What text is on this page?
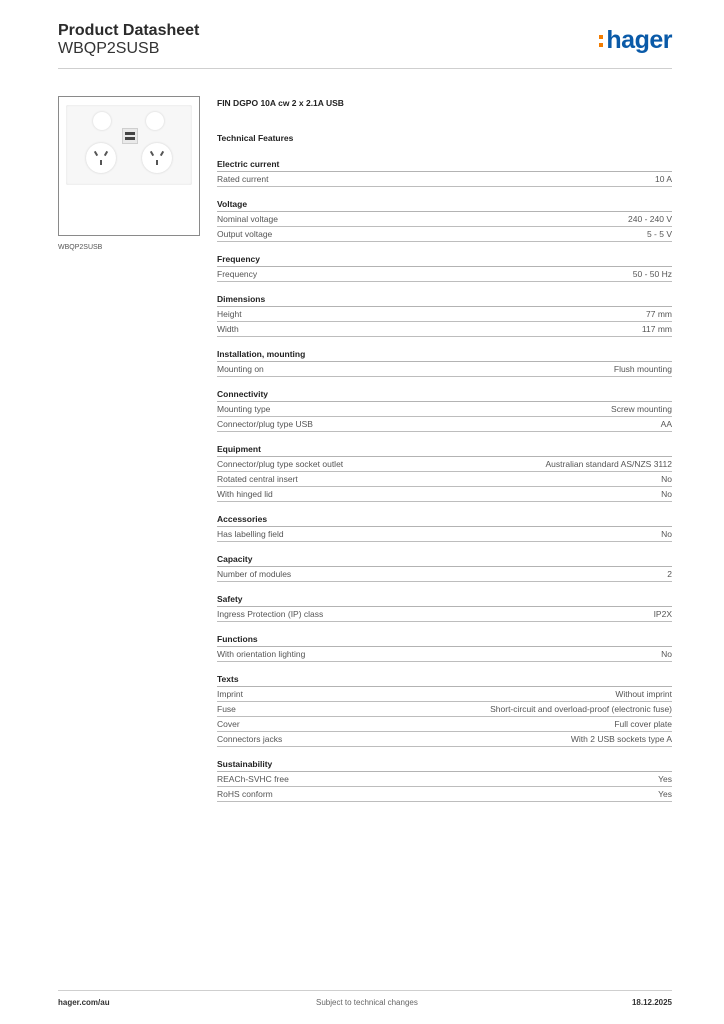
Product Datasheet
WBQP2SUSB	hager
WBQP2SUSB
FIN DGPO 10A cw 2 x 2.1A USB
Technical Features
Electric current
Rated current	10 A
Voltage
Nominal voltage	240 - 240 V
Output voltage	5 - 5 V
Frequency
Frequency	50 - 50 Hz
Dimensions
Height	77 mm
Width	117 mm
Installation, mounting
Mounting on	Flush mounting
Connectivity
Mounting type	Screw mounting
Connector/plug type USB	AA
Equipment
Connector/plug type socket outlet	Australian standard AS/NZS 3112
Rotated central insert	No
With hinged lid	No
Accessories
Has labelling field	No
Capacity
Number of modules	2
Safety
Ingress Protection (IP) class	IP2X
Functions
With orientation lighting	No
Texts
Imprint	Without imprint
Fuse	Short-circuit and overload-proof (electronic fuse)
Cover	Full cover plate
Connectors jacks	With 2 USB sockets type A
Sustainability
REACh-SVHC free	Yes
RoHS conform	Yes
hager.com/au	Subject to technical changes	18.12.2025
